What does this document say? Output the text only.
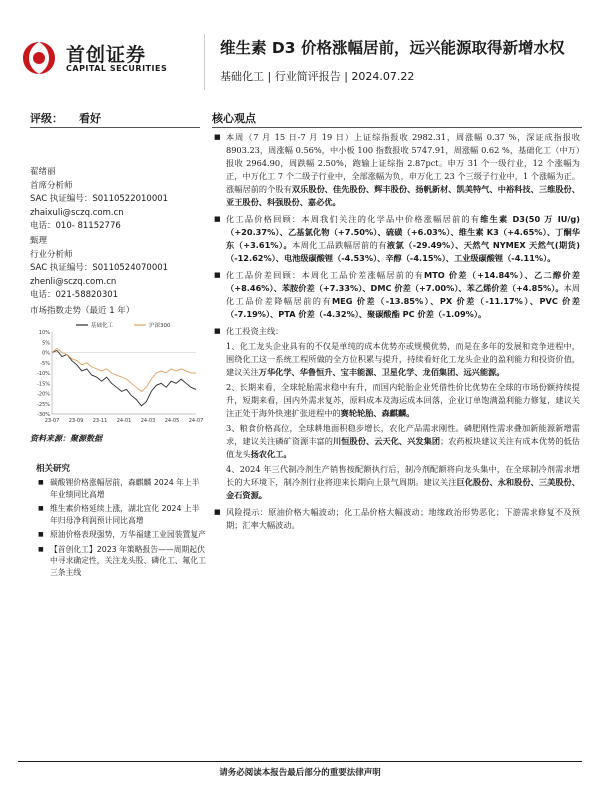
首创证券
CAPITAL SECURITIES
维生素 D3 价格涨幅居前，远兴能源取得新增水权
基础化工 | 行业简评报告 | 2024.07.22
评级： 看好
翟绪丽
首席分析师
SAC 执证编号：S0110522010001
zhaixuli@sczq.com.cn
电话：010- 81152776
甄理
行业分析师
SAC 执证编号：S0110524070001
zhenli@sczq.com.cn
电话：021-58820301
市场指数走势（最近 1 年）
10%
5%
0%
-5%
-10%
-15%
-20%
-25%
-30%
23-07 23-09 23-11 24-01 24-03 24-05 24-07
基础化工	沪深300
资料来源：聚源数据
相关研究
■ 碳酸锂价格涨幅居前，森麒麟 2024 年上半年业绩同比高增
■ 维生素价格延续上涨，湖北宜化 2024 上半年归母净利润预计同比高增
■ 原油价格表现强势，万华福建工业园装置复产
■ 【首创化工】2023 年策略报告——周期起伏中寻求确定性，关注龙头股、磷化工、氟化工三条主线
核心观点
■ 本周（7 月 15 日-7 月 19 日）上证综指报收 2982.31，周涨幅 0.37 %，深证成指报收 8903.23，周涨幅 0.56%，中小板 100 指数报收 5747.91，周涨幅 0.62 %，基础化工（中万）报收 2964.90，周跌幅 2.50%，跑输上证综指 2.87pct。申万 31 个一级行业，12 个涨幅为正，中万化工 7 个二级子行业中，全部涨幅为负，申万化工 23 个三级子行业中，1 个涨幅为正。涨幅居前的个股有双乐股份、佳先股份、辉丰股份、扬帆新材、凯美特气、中裕科技、三维股份、亚王股份、科强股份、嘉必优。
■ 化工品价格回顾：本周我们关注的化学品中价格涨幅居前的有维生素 D3(50 万 IU/g)（+20.37%）、乙基氯化物（+7.50%）、硫磺（+6.03%）、维生素 K3（+4.65%）、丁酮华东（+3.61%）。本周化工品跌幅居前的有液氯（-29.49%）、天然气 NYMEX 天然气(期货)（-12.62%）、电池级碳酸锂（-4.53%）、辛醇（-4.15%）、工业级碳酸锂（-4.11%）。
■ 化工品价差回顾：本周化工品价差涨幅居前的有MTO 价差（+14.84%）、乙二醇价差（+8.46%）、苯胺价差（+7.33%）、DMC 价差（+7.00%）、苯乙烯价差（+4.85%）。本周化工品价差降幅居前的有MEG 价差（-13.85%）、PX 价差（-11.17%）、PVC 价差（-7.19%）、PTA 价差（-4.32%）、聚碳酸酯 PC 价差（-1.09%）。
■ 化工投资主线：
1、化工龙头企业具有的不仅是单纯的成本优势亦或规模优势，而是在多年的发展和竞争进程中，围绕化工这一系统工程所做的全方位积累与提升，持续看好化工龙头企业的盈利能力和投资价值，建议关注万华化学、华鲁恒升、宝丰能源、卫星化学、龙佰集团、远兴能源。
2、长期来看，全球轮胎需求稳中有升，而国内轮胎企业凭借性价比优势在全球的市场份额持续提升，短期来看，国内外需求复苏，原料成本及海运成本回落，企业订单饱满盈利能力修复，建议关注正处于海外快速扩张进程中的赛轮轮胎、森麒麟。
3、粮食价格高位，全球耕地面积稳步增长，农化产品需求刚性。磷肥刚性需求叠加新能源新增需求，建议关注磷矿资源丰富的川恒股份、云天化、兴发集团；农药板块建议关注有成本优势的低估值龙头扬农化工。
4、2024 年三代制冷剂生产销售按配额执行后，制冷剂配额将向龙头集中，在全球制冷剂需求增长的大环境下，制冷剂行业将迎来长期向上景气周期。建议关注巨化股份、永和股份、三美股份、金石资源。
■ 风险提示：原油价格大幅波动；化工品价格大幅波动；地缘政治形势恶化；下游需求修复不及预期；汇率大幅波动。
请务必阅读本报告最后部分的重要法律声明
